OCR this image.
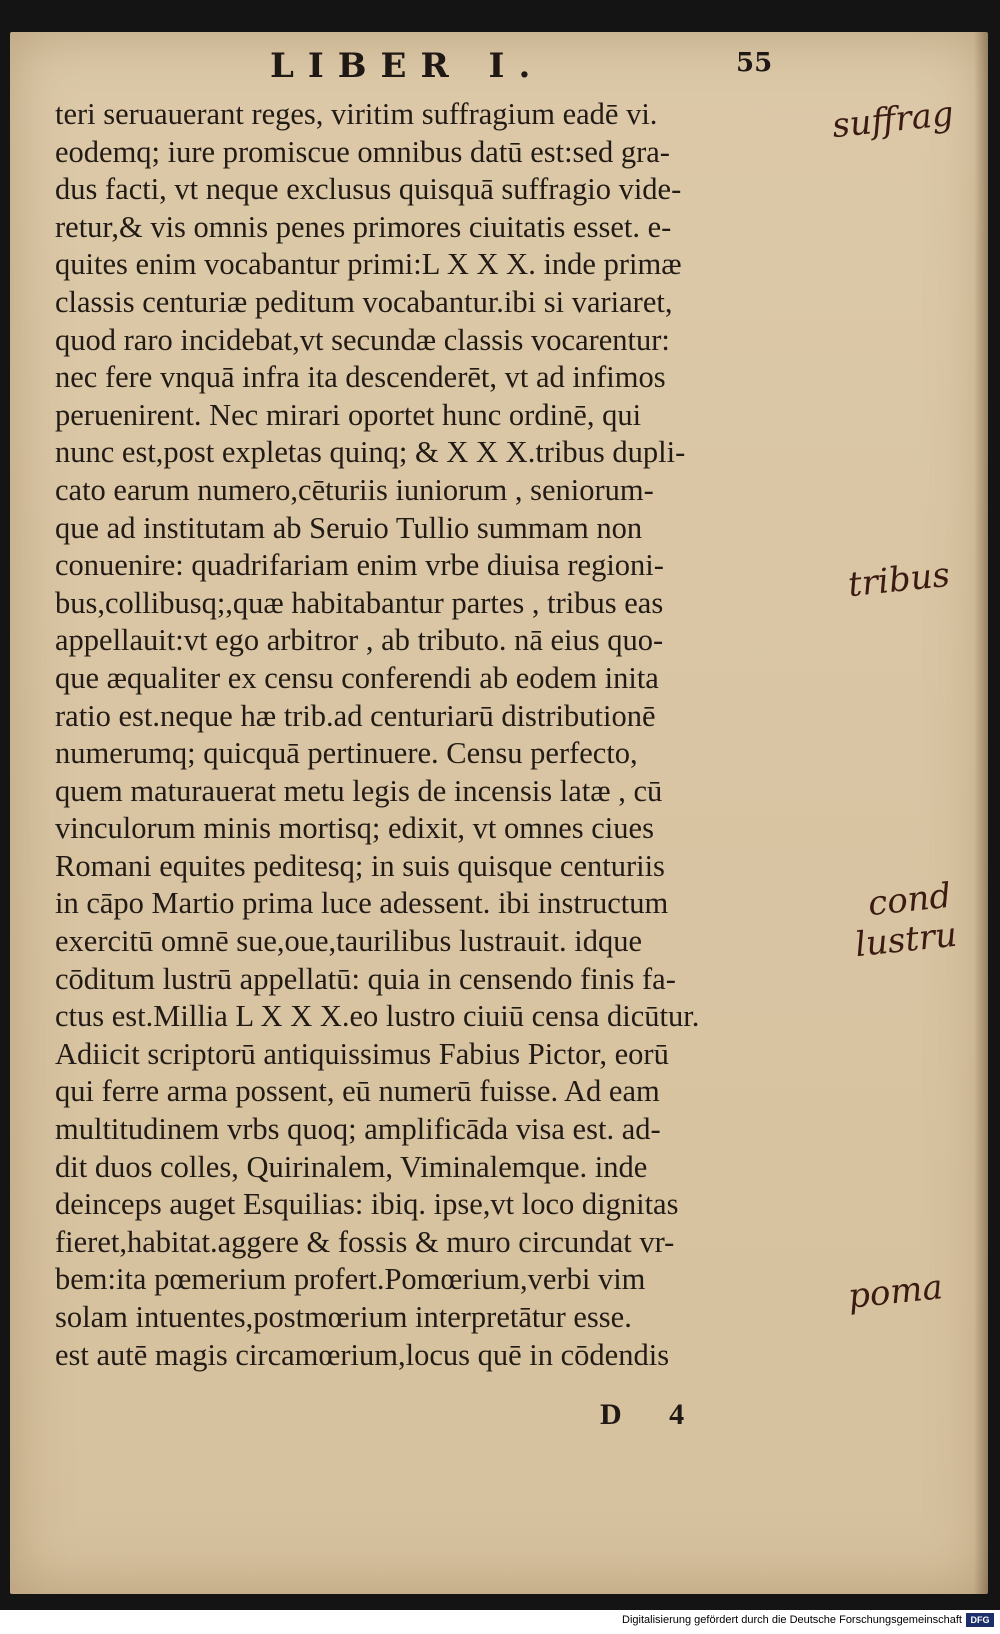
LIBER I.	55
teri seruauerant reges, viritim suffragium eadē vi.
eodemq; iure promiscue omnibus datū est:sed gra-
dus facti, vt neque exclusus quisquā suffragio vide-
retur,& vis omnis penes primores ciuitatis esset. e-
quites enim vocabantur primi:L X X X. inde primæ
classis centuriæ peditum vocabantur.ibi si variaret,
quod raro incidebat,vt secundæ classis vocarentur:
nec fere vnquā infra ita descenderēt, vt ad infimos
peruenirent. Nec mirari oportet hunc ordinē, qui
nunc est,post expletas quinq; & X X X.tribus dupli-
cato earum numero,cēturiis iuniorum , seniorum-
que ad institutam ab Seruio Tullio summam non
conuenire: quadrifariam enim vrbe diuisa regioni-
bus,collibusq;,quæ habitabantur partes , tribus eas
appellauit:vt ego arbitror , ab tributo. nā eius quo-
que æqualiter ex censu conferendi ab eodem inita
ratio est.neque hæ trib.ad centuriarū distributionē
numerumq; quicquā pertinuere. Censu perfecto,
quem maturauerat metu legis de incensis latæ , cū
vinculorum minis mortisq; edixit, vt omnes ciues
Romani equites peditesq; in suis quisque centuriis
in cāpo Martio prima luce adessent. ibi instructum
exercitū omnē sue,oue,taurilibus lustrauit. idque
cōditum lustrū appellatū: quia in censendo finis fa-
ctus est.Millia L X X X.eo lustro ciuiū censa dicūtur.
Adiicit scriptorū antiquissimus Fabius Pictor, eorū
qui ferre arma possent, eū numerū fuisse. Ad eam
multitudinem vrbs quoq; amplificāda visa est. ad-
dit duos colles, Quirinalem, Viminalemque. inde
deinceps auget Esquilias: ibiq. ipse,vt loco dignitas
fieret,habitat.aggere & fossis & muro circundat vr-
bem:ita pœmerium profert.Pomœrium,verbi vim
solam intuentes,postmœrium interpretātur esse.
est autē magis circamœrium,locus quē in cōdendis
D 4
suffrag
tribus
cond
lustru
poma
Digitalisierung gefördert durch die Deutsche Forschungsgemeinschaft DFG
